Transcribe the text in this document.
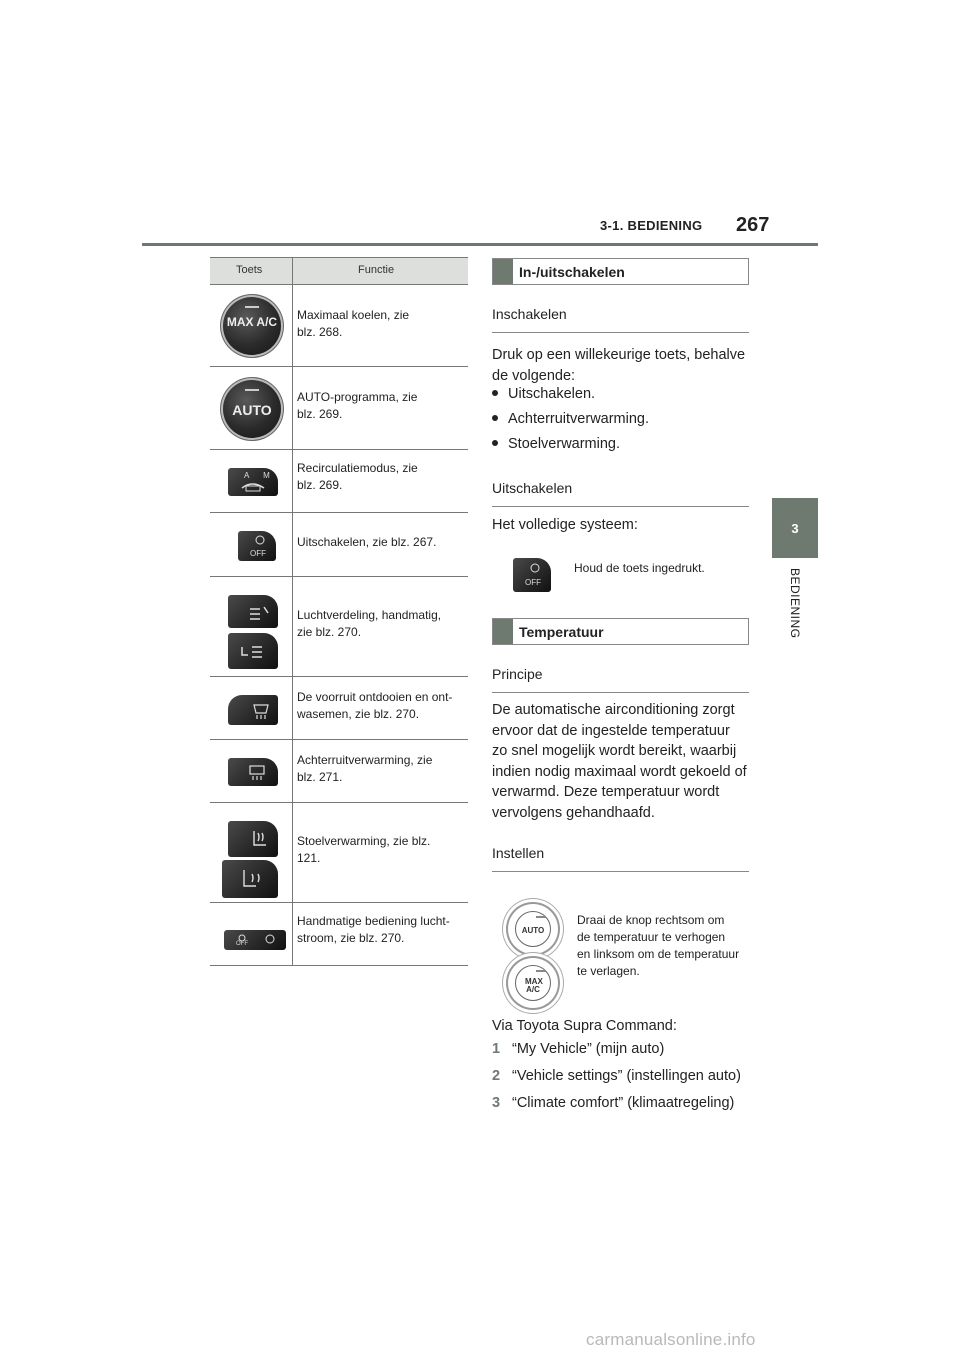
3-1. BEDIENING 267
3
BEDIENING
Toets	Functie
MAX A/C	Maximaal koelen, zie
blz. 268.
AUTO
AUTO-programma, zie
blz. 269.
A M
Recirculatiemodus, zie
blz. 269.
OFF
Uitschakelen, zie blz. 267.
Luchtverdeling, handmatig,
zie blz. 270.
De voorruit ontdooien en ont-
wasemen, zie blz. 270.
Achterruitverwarming, zie
blz. 271.
Stoelverwarming, zie blz.
121.
OFF
Handmatige bediening lucht-
stroom, zie blz. 270.
In-/uitschakelen
Inschakelen
Druk op een willekeurige toets, behalve
de volgende:
Uitschakelen.
Achterruitverwarming.
Stoelverwarming.
Uitschakelen
Het volledige systeem:
OFF
Houd de toets ingedrukt.
Temperatuur
Principe
De automatische airconditioning zorgt
ervoor dat de ingestelde temperatuur
zo snel mogelijk wordt bereikt, waarbij
indien nodig maximaal wordt gekoeld of
verwarmd. Deze temperatuur wordt
vervolgens gehandhaafd.
Instellen
AUTO
MAX A/C
Draai de knop rechtsom om
de temperatuur te verhogen
en linksom om de temperatuur
te verlagen.
Via Toyota Supra Command:
1 “My Vehicle” (mijn auto)
2 “Vehicle settings” (instellingen auto)
3 “Climate comfort” (klimaatregeling)
carmanualsonline.info
